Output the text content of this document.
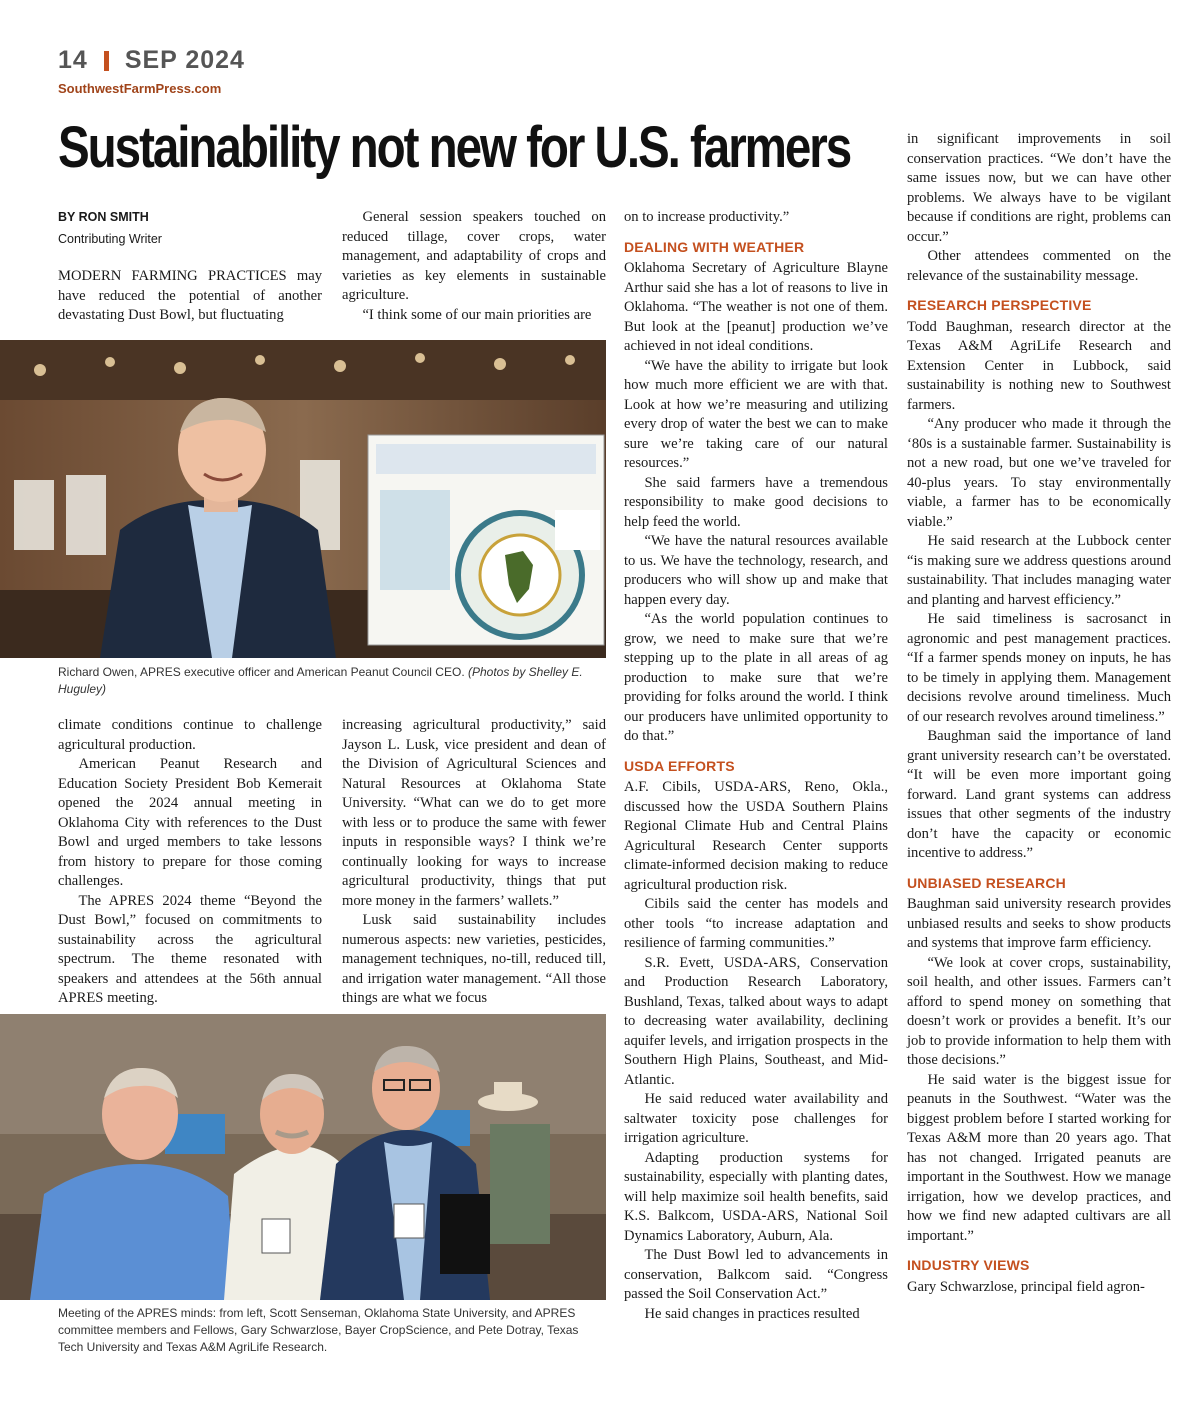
14 SEP 2024
SouthwestFarmPress.com
Sustainability not new for U.S. farmers
BY RON SMITH
Contributing Writer

MODERN FARMING PRACTICES may have reduced the potential of another devastating Dust Bowl, but fluctuating

General session speakers touched on reduced tillage, cover crops, water management, and adaptability of crops and varieties as key elements in sustainable agriculture.

“I think some of our main priorities are

Richard Owen, APRES executive officer and American Peanut Council CEO. (Photos by Shelley E. Huguley)

climate conditions continue to challenge agricultural production.

American Peanut Research and Education Society President Bob Kemerait opened the 2024 annual meeting in Oklahoma City with references to the Dust Bowl and urged members to take lessons from history to prepare for those coming challenges.

The APRES 2024 theme “Beyond the Dust Bowl,” focused on commitments to sustainability across the agricultural spectrum. The theme resonated with speakers and attendees at the 56th annual APRES meeting.

increasing agricultural productivity,” said Jayson L. Lusk, vice president and dean of the Division of Agricultural Sciences and Natural Resources at Oklahoma State University. “What can we do to get more with less or to produce the same with fewer inputs in responsible ways? I think we’re continually looking for ways to increase agricultural productivity, things that put more money in the farmers’ wallets.”

Lusk said sustainability includes numerous aspects: new varieties, pesticides, management techniques, no-till, reduced till, and irrigation water management. “All those things are what we focus

Meeting of the APRES minds: from left, Scott Senseman, Oklahoma State University, and APRES committee members and Fellows, Gary Schwarzlose, Bayer CropScience, and Pete Dotray, Texas Tech University and Texas A&M AgriLife Research.

on to increase productivity.”

DEALING WITH WEATHER

Oklahoma Secretary of Agriculture Blayne Arthur said she has a lot of reasons to live in Oklahoma. “The weather is not one of them. But look at the [peanut] production we’ve achieved in not ideal conditions.

“We have the ability to irrigate but look how much more efficient we are with that. Look at how we’re measuring and utilizing every drop of water the best we can to make sure we’re taking care of our natural resources.”

She said farmers have a tremendous responsibility to make good decisions to help feed the world.

“We have the natural resources available to us. We have the technology, research, and producers who will show up and make that happen every day.

“As the world population continues to grow, we need to make sure that we’re stepping up to the plate in all areas of ag production to make sure that we’re providing for folks around the world. I think our producers have unlimited opportunity to do that.”

USDA EFFORTS

A.F. Cibils, USDA-ARS, Reno, Okla., discussed how the USDA Southern Plains Regional Climate Hub and Central Plains Agricultural Research Center supports climate-informed decision making to reduce agricultural production risk.

Cibils said the center has models and other tools “to increase adaptation and resilience of farming communities.”

S.R. Evett, USDA-ARS, Conservation and Production Research Laboratory, Bushland, Texas, talked about ways to adapt to decreasing water availability, declining aquifer levels, and irrigation prospects in the Southern High Plains, Southeast, and Mid-Atlantic.

He said reduced water availability and saltwater toxicity pose challenges for irrigation agriculture.

Adapting production systems for sustainability, especially with planting dates, will help maximize soil health benefits, said K.S. Balkcom, USDA-ARS, National Soil Dynamics Laboratory, Auburn, Ala.

The Dust Bowl led to advancements in conservation, Balkcom said. “Congress passed the Soil Conservation Act.”

He said changes in practices resulted

in significant improvements in soil conservation practices. “We don’t have the same issues now, but we can have other problems. We always have to be vigilant because if conditions are right, problems can occur.”

Other attendees commented on the relevance of the sustainability message.

RESEARCH PERSPECTIVE

Todd Baughman, research director at the Texas A&M AgriLife Research and Extension Center in Lubbock, said sustainability is nothing new to Southwest farmers.

“Any producer who made it through the ‘80s is a sustainable farmer. Sustainability is not a new road, but one we’ve traveled for 40-plus years. To stay environmentally viable, a farmer has to be economically viable.”

He said research at the Lubbock center “is making sure we address questions around sustainability. That includes managing water and planting and harvest efficiency.”

He said timeliness is sacrosanct in agronomic and pest management practices. “If a farmer spends money on inputs, he has to be timely in applying them. Management decisions revolve around timeliness. Much of our research revolves around timeliness.”

Baughman said the importance of land grant university research can’t be overstated. “It will be even more important going forward. Land grant systems can address issues that other segments of the industry don’t have the capacity or economic incentive to address.”

UNBIASED RESEARCH

Baughman said university research provides unbiased results and seeks to show products and systems that improve farm efficiency.

“We look at cover crops, sustainability, soil health, and other issues. Farmers can’t afford to spend money on something that doesn’t work or provides a benefit. It’s our job to provide information to help them with those decisions.”

He said water is the biggest issue for peanuts in the Southwest. “Water was the biggest problem before I started working for Texas A&M more than 20 years ago. That has not changed. Irrigated peanuts are important in the Southwest. How we manage irrigation, how we develop practices, and how we find new adapted cultivars are all important.”

INDUSTRY VIEWS

Gary Schwarzlose, principal field agron-
